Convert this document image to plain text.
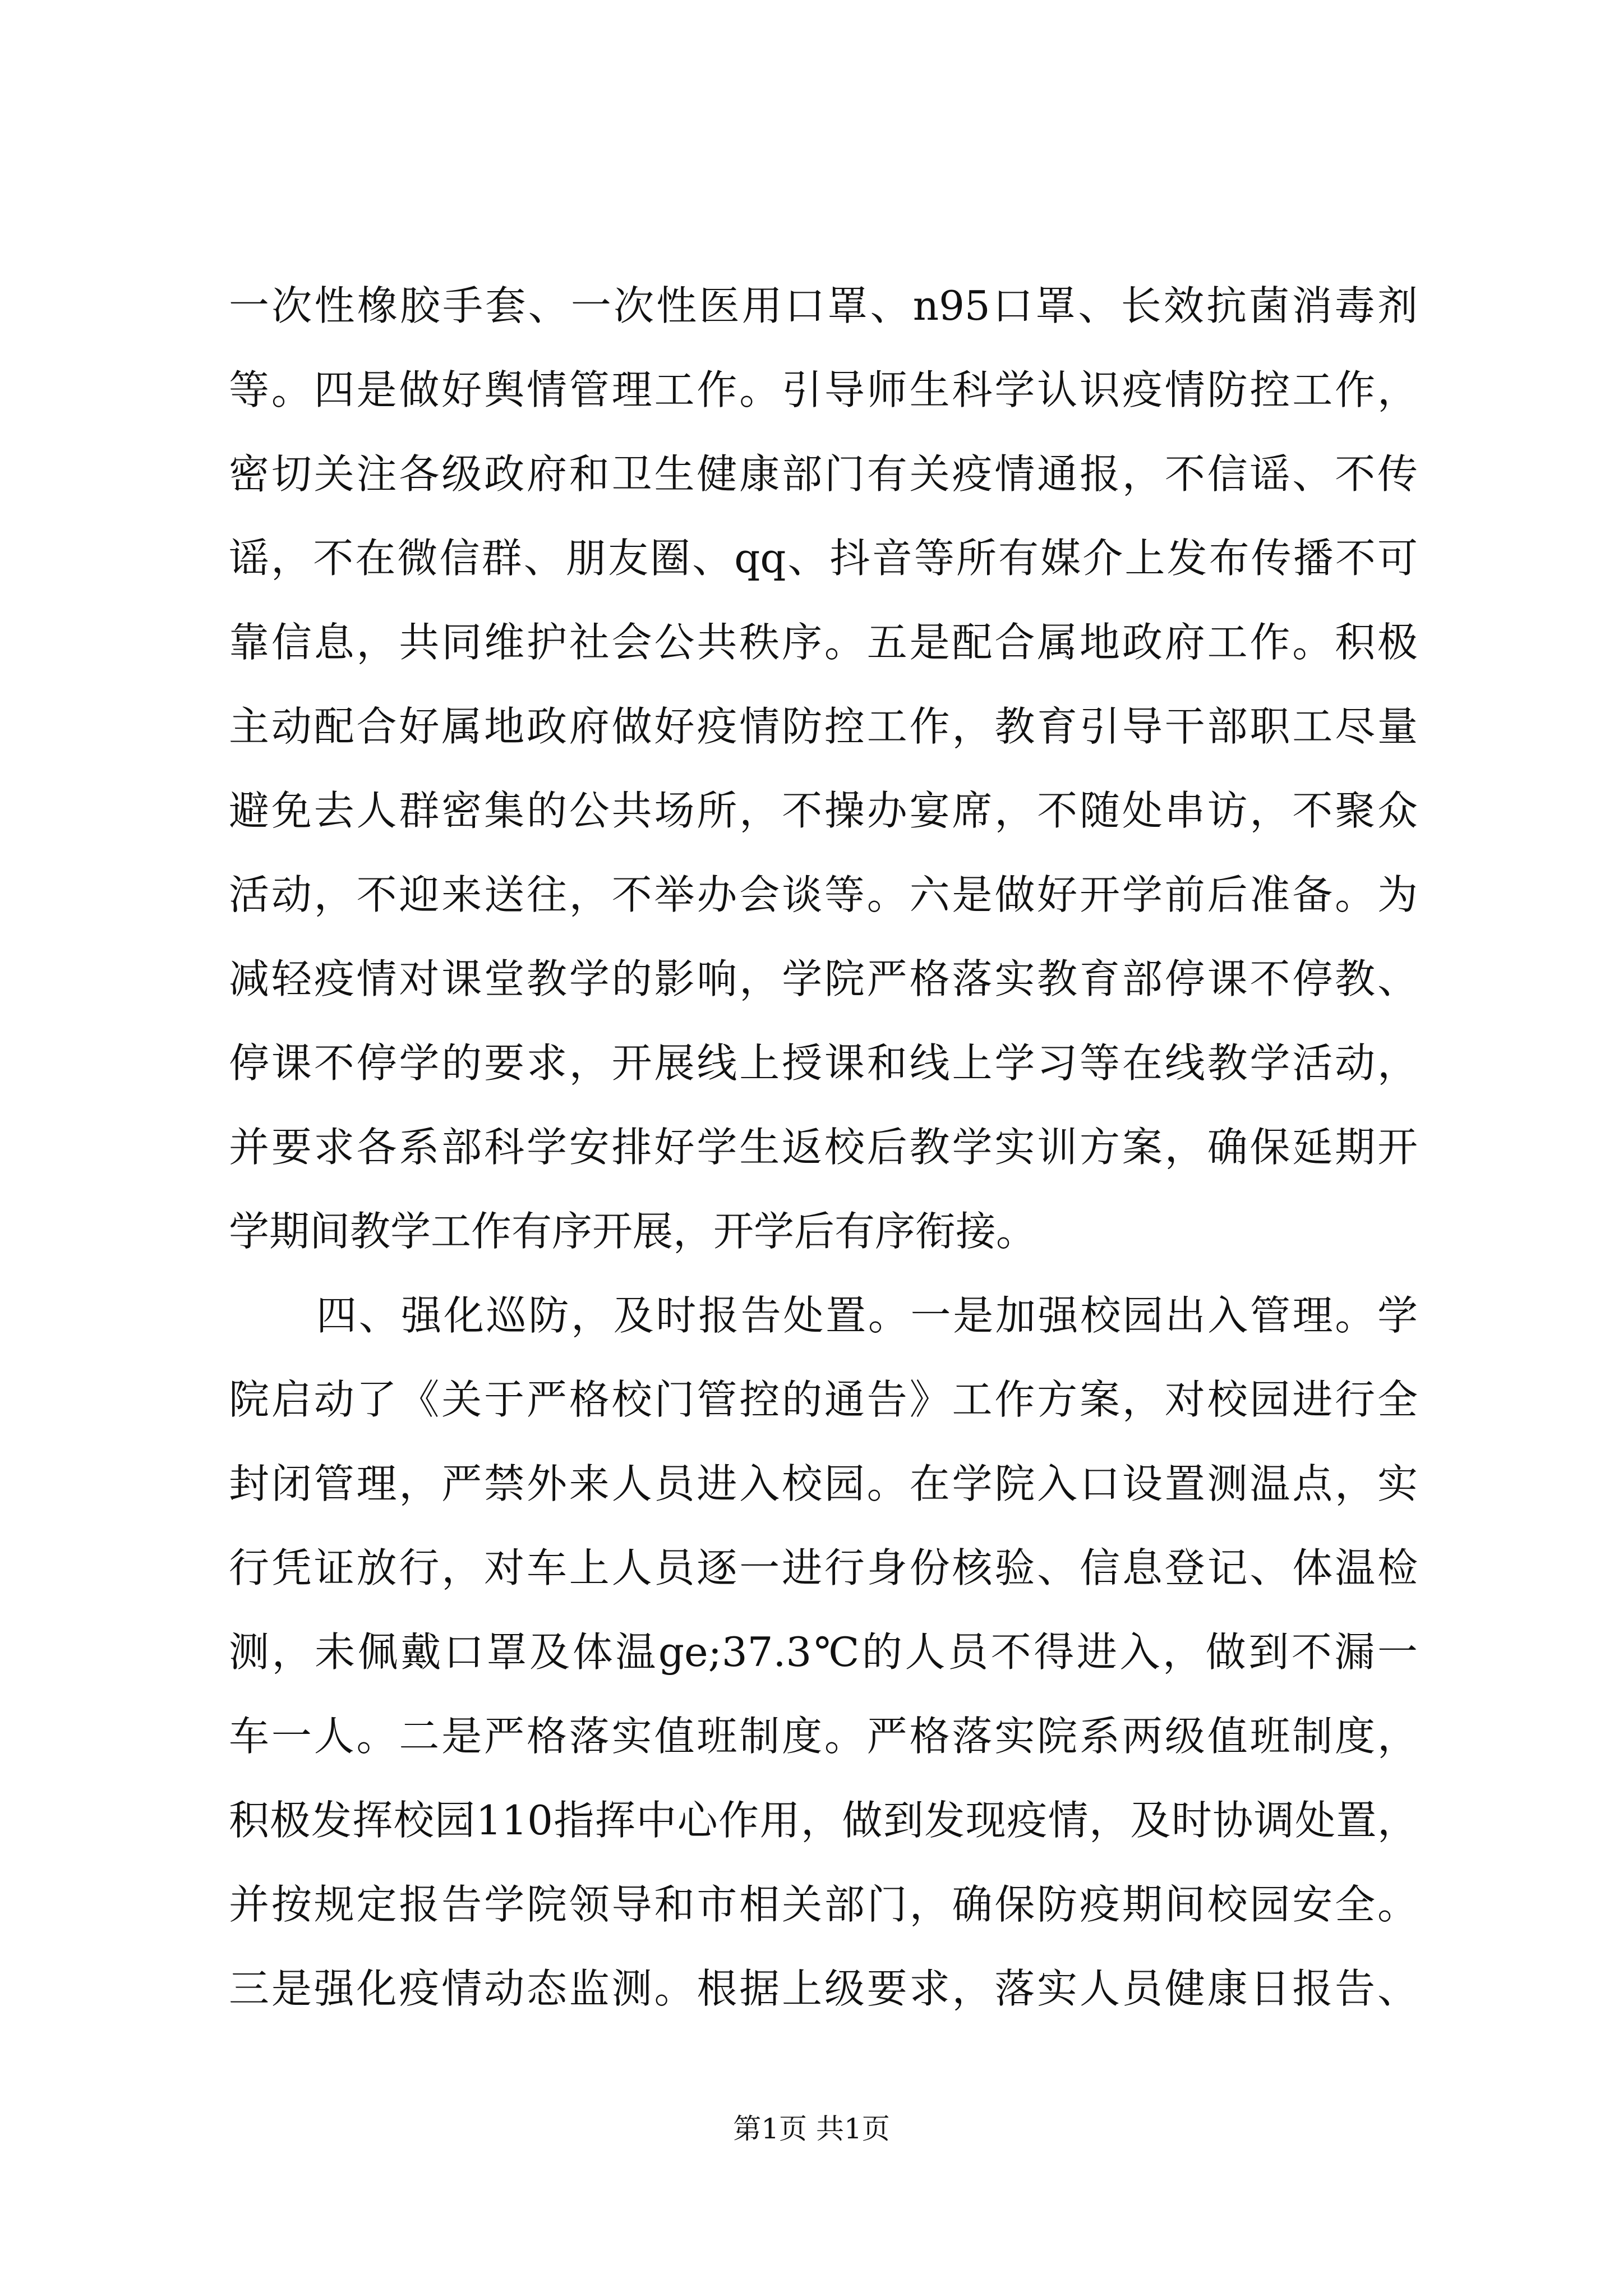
一次性橡胶手套、一次性医用口罩、n95口罩、长效抗菌消毒剂
等。四是做好舆情管理工作。引导师生科学认识疫情防控工作，
密切关注各级政府和卫生健康部门有关疫情通报，不信谣、不传
谣，不在微信群、朋友圈、qq、抖音等所有媒介上发布传播不可
靠信息，共同维护社会公共秩序。五是配合属地政府工作。积极
主动配合好属地政府做好疫情防控工作，教育引导干部职工尽量
避免去人群密集的公共场所，不操办宴席，不随处串访，不聚众
活动，不迎来送往，不举办会谈等。六是做好开学前后准备。为
减轻疫情对课堂教学的影响，学院严格落实教育部停课不停教、
停课不停学的要求，开展线上授课和线上学习等在线教学活动，
并要求各系部科学安排好学生返校后教学实训方案，确保延期开
学期间教学工作有序开展，开学后有序衔接。
四、强化巡防，及时报告处置。一是加强校园出入管理。学
院启动了《关于严格校门管控的通告》工作方案，对校园进行全
封闭管理，严禁外来人员进入校园。在学院入口设置测温点，实
行凭证放行，对车上人员逐一进行身份核验、信息登记、体温检
测，未佩戴口罩及体温ge;37.3℃的人员不得进入，做到不漏一
车一人。二是严格落实值班制度。严格落实院系两级值班制度，
积极发挥校园110指挥中心作用，做到发现疫情，及时协调处置，
并按规定报告学院领导和市相关部门，确保防疫期间校园安全。
三是强化疫情动态监测。根据上级要求，落实人员健康日报告、
第1页 共1页
